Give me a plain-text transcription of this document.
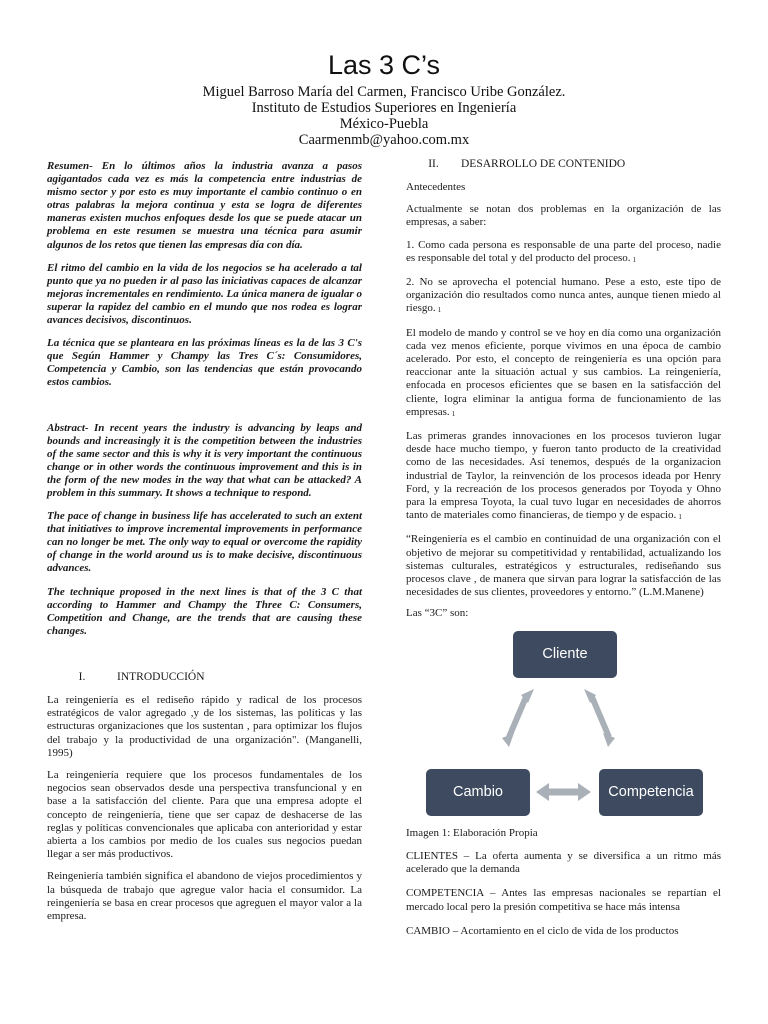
Las 3 C’s
Miguel Barroso María del Carmen, Francisco Uribe González.
Instituto de Estudios Superiores en Ingeniería
México-Puebla
Caarmenmb@yahoo.com.mx

Resumen- En lo últimos años la industria avanza a pasos agigantados cada vez es más la competencia entre industrias de mismo sector y por esto es muy importante el cambio continuo o en otras palabras la mejora continua y esta se logra de diferentes maneras existen muchos enfoques desde los que se puede atacar un problema en este resumen se muestra una técnica para asumir algunos de los retos que tienen las empresas día con día.

El ritmo del cambio en la vida de los negocios se ha acelerado a tal punto que ya no pueden ir al paso las iniciativas capaces de alcanzar mejoras incrementales en rendimiento. La única manera de igualar o superar la rapidez del cambio en el mundo que nos rodea es lograr avances decisivos, discontinuos.

La técnica que se planteara en las próximas líneas es la de las 3 C's que Según Hammer y Champy las Tres C´s: Consumidores, Competencia y Cambio, son las tendencias que están provocando estos cambios.

Abstract- In recent years the industry is advancing by leaps and bounds and increasingly it is the competition between the industries of the same sector and this is why it is very important the continuous change or in other words the continuous improvement and this is in the form of the new modes in the way that what can be attacked? A problem in this summary. It shows a technique to respond.

The pace of change in business life has accelerated to such an extent that initiatives to improve incremental improvements in performance can no longer be met. The only way to equal or overcome the rapidity of change in the world around us is to make decisive, discontinuous advances.

The technique proposed in the next lines is that of the 3 C that according to Hammer and Champy the Three C: Consumers, Competition and Change, are the trends that are causing these changes.

I.	INTRODUCCIÓN

La reingeniería es el rediseño rápido y radical de los procesos estratégicos de valor agregado ,y de los sistemas, las políticas y las estructuras organizaciones que los sustentan , para optimizar los flujos del trabajo y la productividad de una organización". (Manganelli, 1995)

La reingeniería requiere que los procesos fundamentales de los negocios sean observados desde una perspectiva transfuncional y en base a la satisfacción del cliente. Para que una empresa adopte el concepto de reingeniería, tiene que ser capaz de deshacerse de las reglas y políticas convencionales que aplicaba con anterioridad y estar abierta a los cambios por medio de los cuales sus negocios puedan llegar a ser más productivos.

Reingeniería también significa el abandono de viejos procedimientos y la búsqueda de trabajo que agregue valor hacia el consumidor. La reingeniería se basa en crear procesos que agreguen el mayor valor a la empresa.

II. DESARROLLO DE CONTENIDO

Antecedentes

Actualmente se notan dos problemas en la organización de las empresas, a saber:

1. Como cada persona es responsable de una parte del proceso, nadie es responsable del total y del producto del proceso. 1

2. No se aprovecha el potencial humano. Pese a esto, este tipo de organización dio resultados como nunca antes, aunque tienen miedo al riesgo. 1

El modelo de mando y control se ve hoy en día como una organización cada vez menos eficiente, porque vivimos en una época de cambio acelerado. Por esto, el concepto de reingeniería es una opción para reaccionar ante la situación actual y sus cambios. La reingeniería, enfocada en procesos eficientes que se basen en la satisfacción del cliente, logra eliminar la antigua forma de funcionamiento de las empresas. 1

Las primeras grandes innovaciones en los procesos tuvieron lugar desde hace mucho tiempo, y fueron tanto producto de la creatividad como de las necesidades. Así tenemos, después de la organizacion industrial de Taylor, la reinvención de los procesos ideada por Henry Ford, y la recreación de los procesos generados por Toyoda y Ohno para la empresa Toyota, la cual tuvo lugar en necesidades de ahorros tanto de materiales como financieras, de tiempo y de espacio. 1

“Reingeniería es el cambio en continuidad de una organización con el objetivo de mejorar su competitividad y rentabilidad, actualizando los sistemas culturales, estratégicos y estructurales, rediseñando sus procesos clave , de manera que sirvan para lograr la satisfacción de las necesidades de sus clientes, proveedores y entorno.” (L.M.Manene)

Las “3C” son:

Cliente
Cambio	Competencia

Imagen 1: Elaboración Propia

CLIENTES – La oferta aumenta y se diversifica a un ritmo más acelerado que la demanda

COMPETENCIA – Antes las empresas nacionales se repartían el mercado local pero la presión competitiva se hace más intensa

CAMBIO – Acortamiento en el ciclo de vida de los productos
